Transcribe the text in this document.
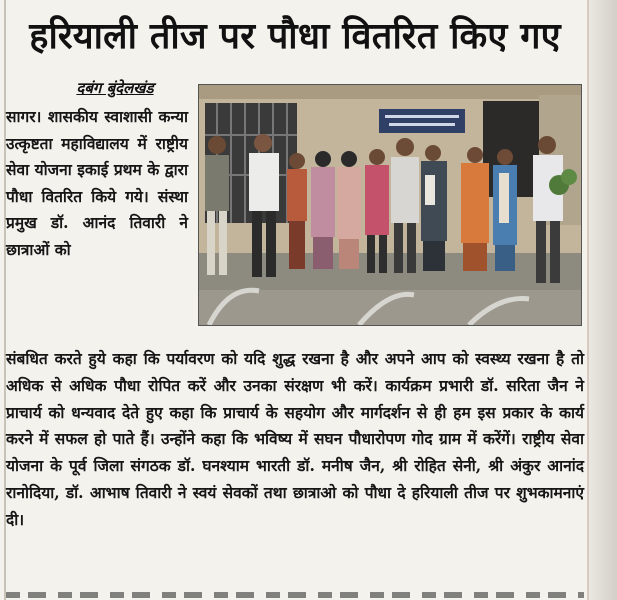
हरियाली तीज पर पौधा वितरित किए गए
दबंग बुंदेलखंड
सागर। शासकीय स्वाशासी कन्या उत्कृष्टता महाविद्यालय में राष्ट्रीय सेवा योजना इकाई प्रथम के द्वारा पौधा वितरित किये गये। संस्था प्रमुख डॉ. आनंद तिवारी ने छात्राओं को
संबधित करते हुये कहा कि पर्यावरण को यदि शुद्ध रखना है और अपने आप को स्वस्थ्य रखना है तो अधिक से अधिक पौधा रोपित करें और उनका संरक्षण भी करें। कार्यक्रम प्रभारी डॉ. सरिता जैन ने प्राचार्य को धन्यवाद देते हुए कहा कि प्राचार्य के सहयोग और मार्गदर्शन से ही हम इस प्रकार के कार्य करने में सफल हो पाते हैं। उन्होंने कहा कि भविष्य में सघन पौधारोपण गोद ग्राम में करेंगें। राष्ट्रीय सेवा योजना के पूर्व जिला संगठक डॉ. घनश्याम भारती डॉ. मनीष जैन, श्री रोहित सेनी, श्री अंकुर आनांद रानोदिया, डॉ. आभाष तिवारी ने स्वयं सेवकों तथा छात्राओ को पौधा दे हरियाली तीज पर शुभकामनाएं दी।
